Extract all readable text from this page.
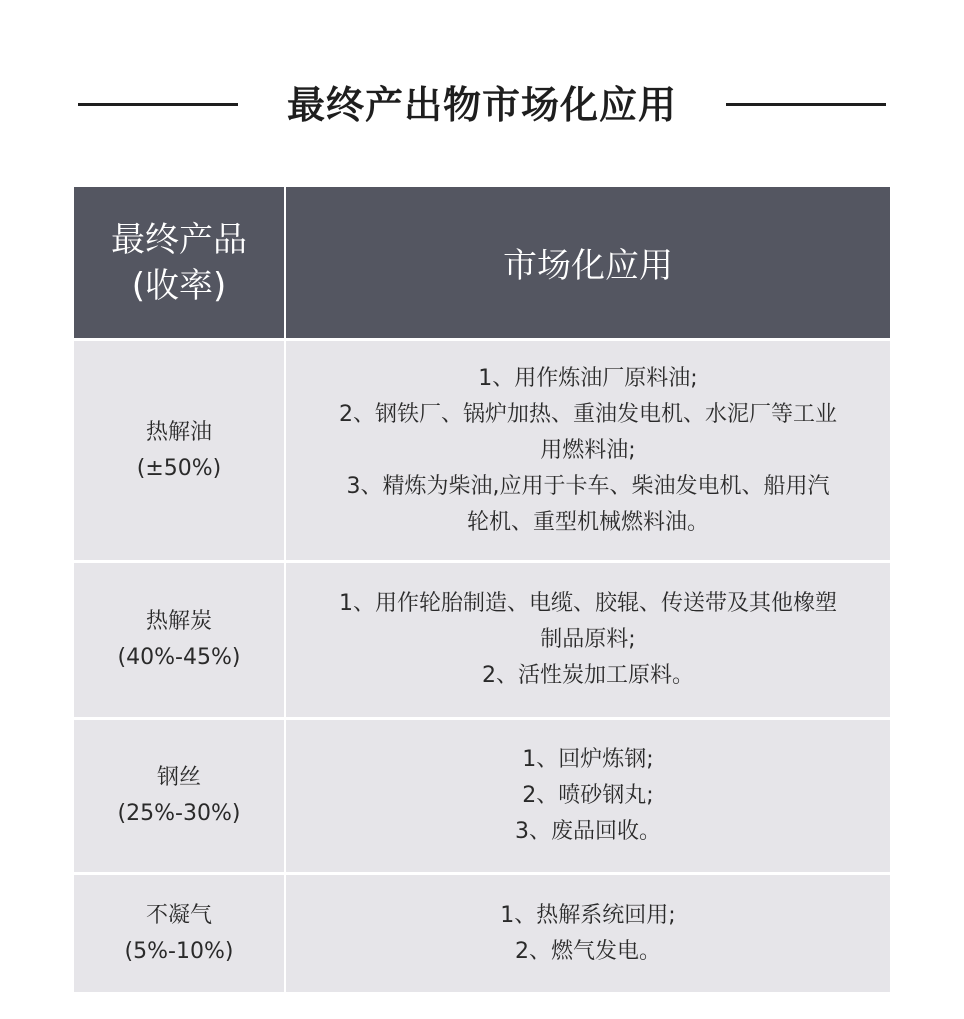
最终产出物市场化应用
最终产品
(收率)	市场化应用
热解油
(±50%)
1、用作炼油厂原料油;
2、钢铁厂、锅炉加热、重油发电机、水泥厂等工业
用燃料油;
3、精炼为柴油,应用于卡车、柴油发电机、船用汽
轮机、重型机械燃料油。
热解炭
(40%-45%)
1、用作轮胎制造、电缆、胶辊、传送带及其他橡塑
制品原料;
2、活性炭加工原料。
钢丝
(25%-30%)
1、回炉炼钢;
2、喷砂钢丸;
3、废品回收。
不凝气
(5%-10%)
1、热解系统回用;
2、燃气发电。
